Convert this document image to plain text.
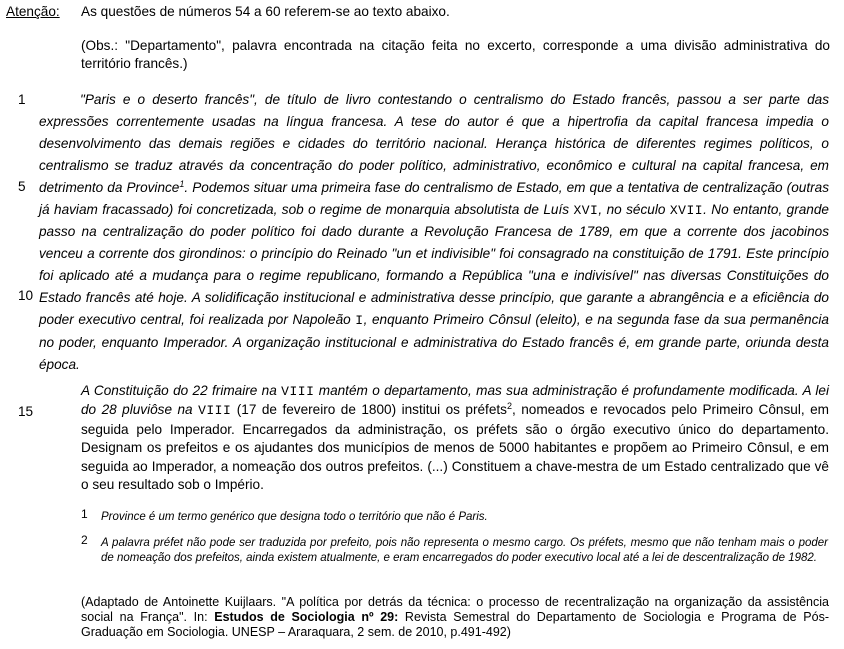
Atenção: As questões de números 54 a 60 referem-se ao texto abaixo.
(Obs.: "Departamento", palavra encontrada na citação feita no excerto, corresponde a uma divisão administrativa do território francês.)
1
5
10
15

"Paris e o deserto francês", de título de livro contestando o centralismo do Estado francês, passou a ser parte das expressões correntemente usadas na língua francesa. A tese do autor é que a hipertrofia da capital francesa impedia o desenvolvimento das demais regiões e cidades do território nacional. Herança histórica de diferentes regimes políticos, o centralismo se traduz através da concentração do poder político, administrativo, econômico e cultural na capital francesa, em detrimento da Province$^1$. Podemos situar uma primeira fase do centralismo de Estado, em que a tentativa de centralização (outras já haviam fracassado) foi concretizada, sob o regime de monarquia absolutista de Luís XVI, no século XVII. No entanto, grande passo na centralização do poder político foi dado durante a Revolução Francesa de 1789, em que a corrente dos jacobinos venceu a corrente dos girondinos: o princípio do Reinado "un et indivisible" foi consagrado na constituição de 1791. Este princípio foi aplicado até a mudança para o regime republicano, formando a República "una e indivisível" nas diversas Constituições do Estado francês até hoje. A solidificação institucional e administrativa desse princípio, que garante a abrangência e a eficiência do poder executivo central, foi realizada por Napoleão I, enquanto Primeiro Cônsul (eleito), e na segunda fase da sua permanência no poder, enquanto Imperador. A organização institucional e administrativa do Estado francês é, em grande parte, oriunda desta época.

A Constituição do 22 frimaire na VIII mantém o departamento, mas sua administração é profundamente modificada. A lei do 28 pluviôse na VIII (17 de fevereiro de 1800) institui os préfets$^2$, nomeados e revocados pelo Primeiro Cônsul, em seguida pelo Imperador. Encarregados da administração, os préfets são o órgão executivo único do departamento. Designam os prefeitos e os ajudantes dos municípios de menos de 5000 habitantes e propõem ao Primeiro Cônsul, e em seguida ao Imperador, a nomeação dos outros prefeitos. (...) Constituem a chave-mestra de um Estado centralizado que vê o seu resultado sob o Império.
1 Province é um termo genérico que designa todo o território que não é Paris.
2 A palavra préfet não pode ser traduzida por prefeito, pois não representa o mesmo cargo. Os préfets, mesmo que não tenham mais o poder de nomeação dos prefeitos, ainda existem atualmente, e eram encarregados do poder executivo local até a lei de descentralização de 1982.
(Adaptado de Antoinette Kuijlaars. "A política por detrás da técnica: o processo de recentralização na organização da assistência social na França". In: Estudos de Sociologia nº 29: Revista Semestral do Departamento de Sociologia e Programa de Pós-Graduação em Sociologia. UNESP – Araraquara, 2 sem. de 2010, p.491-492)
